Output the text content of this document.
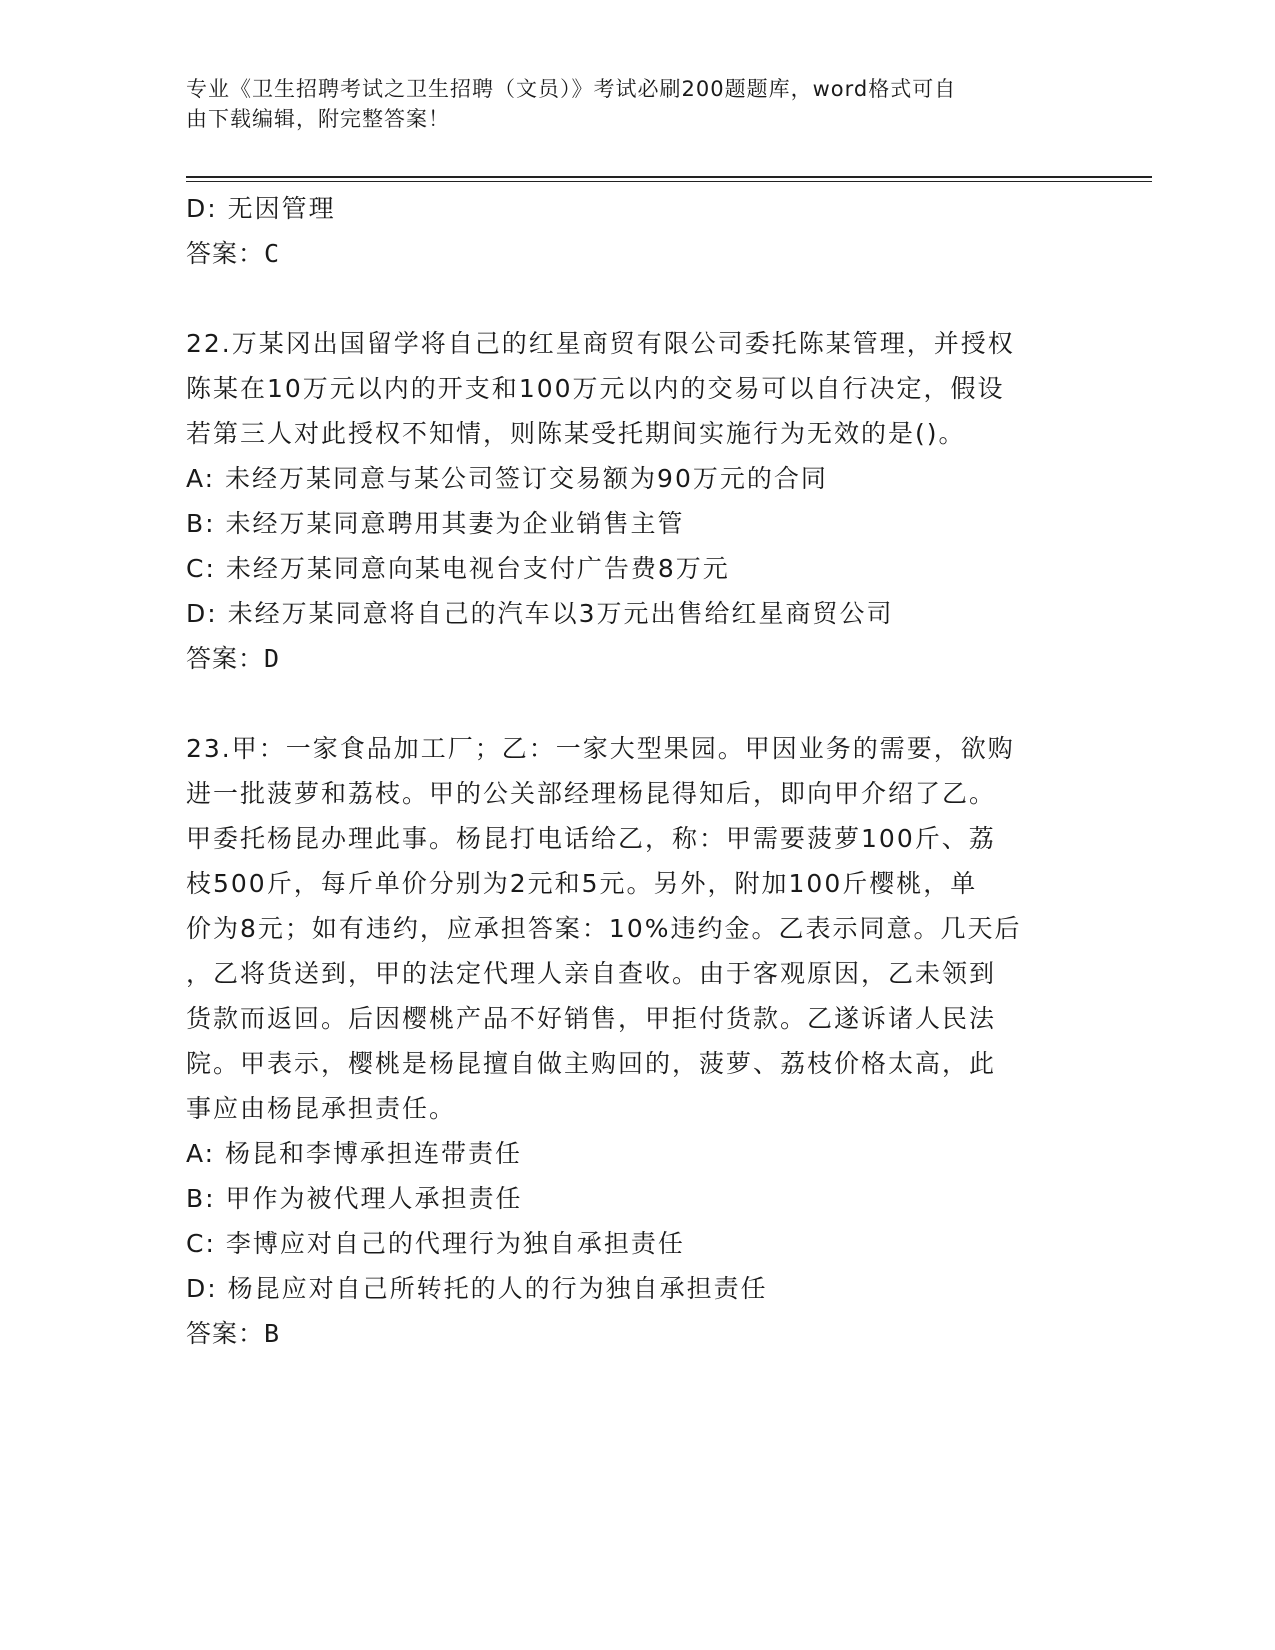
专业《卫生招聘考试之卫生招聘（文员）》考试必刷200题题库，word格式可自
由下载编辑，附完整答案！
D: 无因管理
答案：C
22.万某冈出国留学将自己的红星商贸有限公司委托陈某管理，并授权
陈某在10万元以内的开支和100万元以内的交易可以自行决定，假设
若第三人对此授权不知情，则陈某受托期间实施行为无效的是()。
A: 未经万某同意与某公司签订交易额为90万元的合同
B: 未经万某同意聘用其妻为企业销售主管
C: 未经万某同意向某电视台支付广告费8万元
D: 未经万某同意将自己的汽车以3万元出售给红星商贸公司
答案：D
23.甲：一家食品加工厂；乙：一家大型果园。甲因业务的需要，欲购
进一批菠萝和荔枝。甲的公关部经理杨昆得知后，即向甲介绍了乙。
甲委托杨昆办理此事。杨昆打电话给乙，称：甲需要菠萝100斤、荔
枝500斤，每斤单价分别为2元和5元。另外，附加100斤樱桃，单
价为8元；如有违约，应承担答案：10%违约金。乙表示同意。几天后
，乙将货送到，甲的法定代理人亲自查收。由于客观原因，乙未领到
货款而返回。后因樱桃产品不好销售，甲拒付货款。乙遂诉诸人民法
院。甲表示，樱桃是杨昆擅自做主购回的，菠萝、荔枝价格太高，此
事应由杨昆承担责任。
A: 杨昆和李博承担连带责任
B: 甲作为被代理人承担责任
C: 李博应对自己的代理行为独自承担责任
D: 杨昆应对自己所转托的人的行为独自承担责任
答案：B
